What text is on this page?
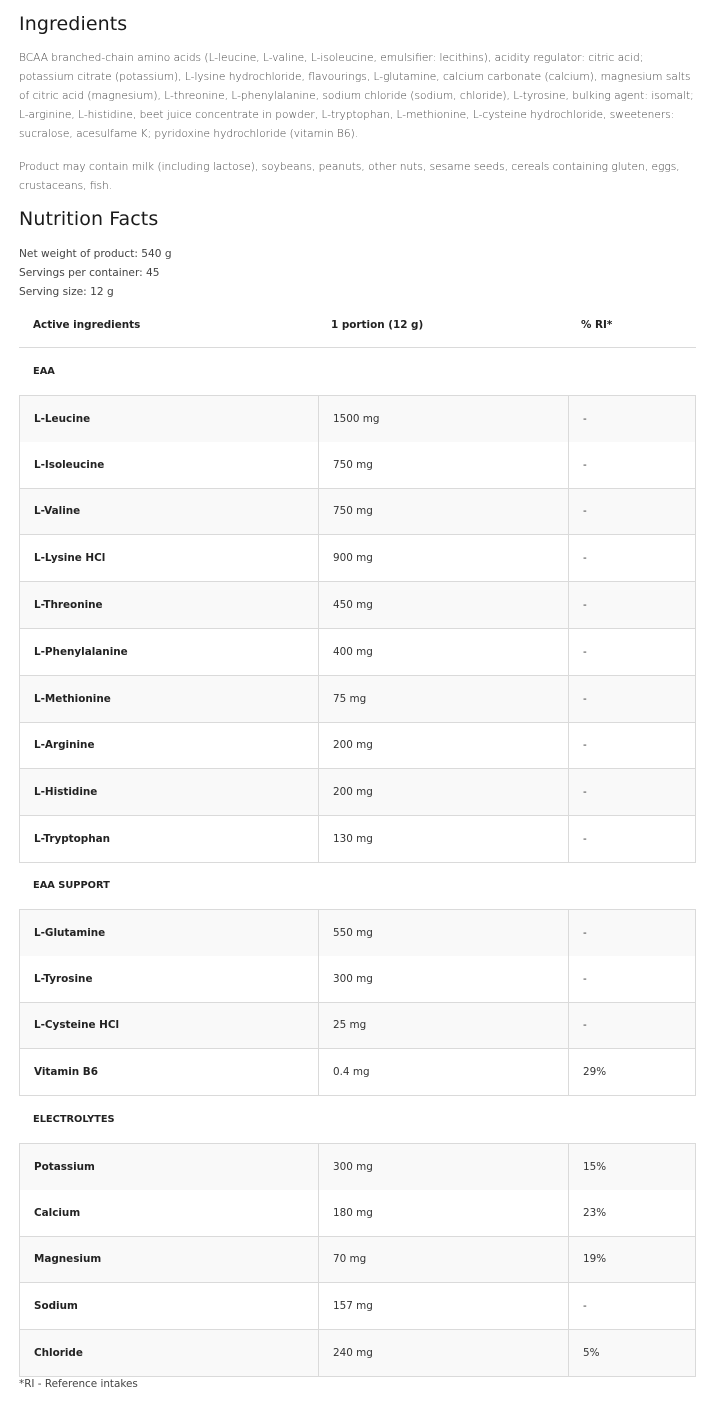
Ingredients

BCAA branched-chain amino acids (L-leucine, L-valine, L-isoleucine, emulsifier: lecithins), acidity regulator: citric acid; potassium citrate (potassium), L-lysine hydrochloride, flavourings, L-glutamine, calcium carbonate (calcium), magnesium salts of citric acid (magnesium), L-threonine, L-phenylalanine, sodium chloride (sodium, chloride), L-tyrosine, bulking agent: isomalt; L-arginine, L-histidine, beet juice concentrate in powder, L-tryptophan, L-methionine, L-cysteine hydrochloride, sweeteners: sucralose, acesulfame K; pyridoxine hydrochloride (vitamin B6).

Product may contain milk (including lactose), soybeans, peanuts, other nuts, sesame seeds, cereals containing gluten, eggs, crustaceans, fish.

Nutrition Facts
Net weight of product: 540 g
Servings per container: 45
Serving size: 12 g
Active ingredients	1 portion (12 g)	% RI*
EAA
L-Leucine	1500 mg	-
L-Isoleucine	750 mg	-
L-Valine	750 mg	-
L-Lysine HCl	900 mg	-
L-Threonine	450 mg	-
L-Phenylalanine	400 mg	-
L-Methionine	75 mg	-
L-Arginine	200 mg	-
L-Histidine	200 mg	-
L-Tryptophan	130 mg	-
EAA SUPPORT
L-Glutamine	550 mg	-
L-Tyrosine	300 mg	-
L-Cysteine HCl	25 mg	-
Vitamin B6	0.4 mg	29%
ELECTROLYTES
Potassium	300 mg	15%
Calcium	180 mg	23%
Magnesium	70 mg	19%
Sodium	157 mg	-
Chloride	240 mg	5%
*RI - Reference intakes
